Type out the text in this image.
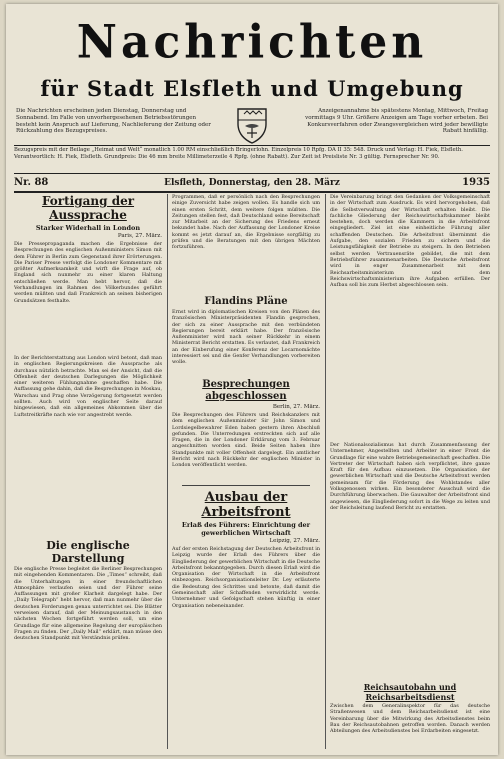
Nachrichten
für Stadt Elsfleth und Umgebung
Die Nachrichten erscheinen jeden Dienstag, Donnerstag und Sonnabend. Im Falle von unvorhergesehenen Betriebsstörungen besteht kein Anspruch auf Lieferung, Nachlieferung der Zeitung oder Rückzahlung des Bezugspreises.
Anzeigenannahme bis spätestens Montag, Mittwoch, Freitag vormittags 9 Uhr. Größere Anzeigen am Tage vorher erbeten. Bei Konkursverfahren oder Zwangsvergleichen wird jeder bewilligte Rabatt hinfällig.
Bezugspreis mit der Beilage „Heimat und Welt“ monatlich 1.00 RM einschließlich Bringerlohn. Einzelpreis 10 Rpfg. DA II 35: 548. Druck und Verlag: H. Fiek, Elsfleth. Verantwortlich: H. Fiek, Elsfleth. Grundpreis: Die 46 mm breite Millimeterzeile 4 Rpfg. (ohne Rabatt). Zur Zeit ist Preisliste Nr. 3 gültig. Fernsprecher Nr. 90.
Nr. 88	Elsfleth, Donnerstag, den 28. März	1935
Fortigang der Aussprache
Starker Widerhall in London
Paris, 27. März.

Die Pressepropaganda machen die Ergebnisse der Besprechungen des englischen Außenministers Simon mit dem Führer in Berlin zum Gegenstand ihrer Erörterungen. Die Pariser Presse verfolgt die Londoner Kommentare mit größter Aufmerksamkeit und wirft die Frage auf, ob England sich nunmehr zu einer klaren Haltung entschließen werde. Man hebt hervor, daß die Verhandlungen im Rahmen des Völkerbundes geführt werden müßten und daß Frankreich an seinen bisherigen Grundsätzen festhalte.

In der Berichterstattung aus London wird betont, daß man in englischen Regierungskreisen die Aussprache als durchaus nützlich betrachte. Man sei der Ansicht, daß die Offenheit der deutschen Darlegungen die Möglichkeit einer weiteren Fühlungnahme geschaffen habe. Die Auffassung gehe dahin, daß die Besprechungen in Moskau, Warschau und Prag ohne Verzögerung fortgesetzt werden sollten. Auch wird von englischer Seite darauf hingewiesen, daß ein allgemeines Abkommen über die Luftstreitkräfte nach wie vor angestrebt werde.

Die englische Darstellung

Die englische Presse begleitet die Berliner Besprechungen mit eingehenden Kommentaren. Die „Times“ schreibt, daß die Unterhaltungen in einer freundschaftlichen Atmosphäre verlaufen seien und der Führer seine Auffassungen mit großer Klarheit dargelegt habe. Der „Daily Telegraph“ hebt hervor, daß man nunmehr über die deutschen Forderungen genau unterrichtet sei. Die Blätter verweisen darauf, daß der Meinungsaustausch in den nächsten Wochen fortgeführt werden soll, um eine Grundlage für eine allgemeine Regelung der europäischen Fragen zu finden. Der „Daily Mail“ erklärt, man müsse den deutschen Standpunkt mit Verständnis prüfen.

Programmen, daß er persönlich nach den Besprechungen einige Zuversicht habe zeigen wollen. Es handle sich um einen ersten Schritt, dem weitere folgen müßten. Die Zeitungen stellen fest, daß Deutschland seine Bereitschaft zur Mitarbeit an der Sicherung des Friedens erneut bekundet habe. Nach der Auffassung der Londoner Kreise kommt es jetzt darauf an, die Ergebnisse sorgfältig zu prüfen und die Beratungen mit den übrigen Mächten fortzuführen.

Flandins Pläne

Ernst wird in diplomatischen Kreisen von den Plänen des französischen Ministerpräsidenten Flandin gesprochen, der sich zu einer Aussprache mit den verbündeten Regierungen bereit erklärt habe. Der französische Außenminister wird nach seiner Rückkehr in einem Ministerrat Bericht erstatten. Es verlautet, daß Frankreich an der Einberufung einer Konferenz der Locarnomächte interessiert sei und die Genfer Verhandlungen vorbereiten wolle.

Besprechungen abgeschlossen
Berlin, 27. März.

Die Besprechungen des Führers und Reichskanzlers mit dem englischen Außenminister Sir John Simon und Lordsiegelbewahrer Eden haben gestern ihren Abschluß gefunden. Die Unterredungen erstreckten sich auf alle Fragen, die in der Londoner Erklärung vom 3. Februar angeschnitten worden sind. Beide Seiten haben ihre Standpunkte mit voller Offenheit dargelegt. Ein amtlicher Bericht wird nach Rückkehr der englischen Minister in London veröffentlicht werden.

Ausbau der Arbeitsfront
Erlaß des Führers: Einrichtung der gewerblichen Wirtschaft
Leipzig, 27. März.

Auf der ersten Reichstagung der Deutschen Arbeitsfront in Leipzig wurde der Erlaß des Führers über die Eingliederung der gewerblichen Wirtschaft in die Deutsche Arbeitsfront bekanntgegeben. Durch diesen Erlaß wird die Organisation der Wirtschaft in die Arbeitsfront einbezogen. Reichsorganisationsleiter Dr. Ley erläuterte die Bedeutung des Schrittes und betonte, daß damit die Gemeinschaft aller Schaffenden verwirklicht werde. Unternehmer und Gefolgschaft stehen künftig in einer Organisation nebeneinander.

Die Vereinbarung bringt den Gedanken der Volksgemeinschaft in der Wirtschaft zum Ausdruck. Es wird hervorgehoben, daß die Selbstverwaltung der Wirtschaft erhalten bleibt. Die fachliche Gliederung der Reichswirtschaftskammer bleibt bestehen, doch werden die Kammern in die Arbeitsfront eingegliedert. Ziel ist eine einheitliche Führung aller schaffenden Deutschen. Die Arbeitsfront übernimmt die Aufgabe, den sozialen Frieden zu sichern und die Leistungsfähigkeit der Betriebe zu steigern. In den Betrieben selbst werden Vertrauensräte gebildet, die mit dem Betriebsführer zusammenarbeiten. Die Deutsche Arbeitsfront wird in enger Zusammenarbeit mit dem Reichsarbeitsministerium und dem Reichswirtschaftsministerium ihre Aufgaben erfüllen. Der Aufbau soll bis zum Herbst abgeschlossen sein.

Der Nationalsozialismus hat durch Zusammenfassung der Unternehmer, Angestellten und Arbeiter in einer Front die Grundlage für eine wahre Betriebsgemeinschaft geschaffen. Die Vertreter der Wirtschaft haben sich verpflichtet, ihre ganze Kraft für den Aufbau einzusetzen. Die Organisation der gewerblichen Wirtschaft und die Deutsche Arbeitsfront werden gemeinsam für die Förderung des Wohlstandes aller Volksgenossen wirken. Ein besonderer Ausschuß wird die Durchführung überwachen. Die Gauwalter der Arbeitsfront sind angewiesen, die Eingliederung sofort in die Wege zu leiten und der Reichsleitung laufend Bericht zu erstatten.

Reichsautobahn und Reichsarbeitsdienst

Zwischen dem Generalinspektor für das deutsche Straßenwesen und dem Reichsarbeitsdienst ist eine Vereinbarung über die Mitwirkung des Arbeitsdienstes beim Bau der Reichsautobahnen getroffen worden. Danach werden Abteilungen des Arbeitsdienstes bei Erdarbeiten eingesetzt.
